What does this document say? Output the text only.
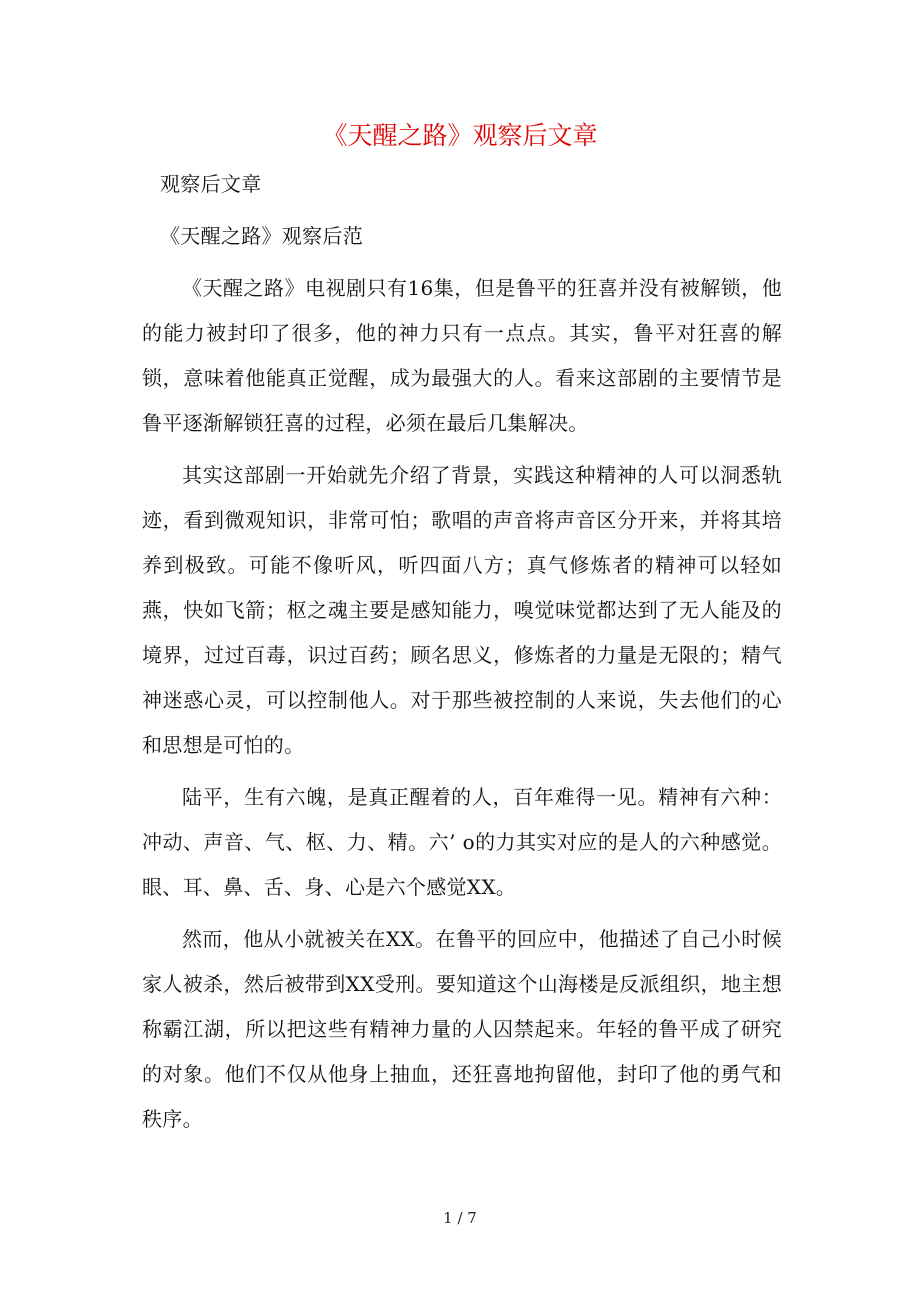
《天醒之路》观察后文章

观察后文章

《天醒之路》观察后范

《天醒之路》电视剧只有16集，但是鲁平的狂喜并没有被解锁，他的能力被封印了很多，他的神力只有一点点。其实，鲁平对狂喜的解锁，意味着他能真正觉醒，成为最强大的人。看来这部剧的主要情节是鲁平逐渐解锁狂喜的过程，必须在最后几集解决。

其实这部剧一开始就先介绍了背景，实践这种精神的人可以洞悉轨迹，看到微观知识，非常可怕；歌唱的声音将声音区分开来，并将其培养到极致。可能不像听风，听四面八方；真气修炼者的精神可以轻如燕，快如飞箭；枢之魂主要是感知能力，嗅觉味觉都达到了无人能及的境界，过过百毒，识过百药；顾名思义，修炼者的力量是无限的；精气神迷惑心灵，可以控制他人。对于那些被控制的人来说，失去他们的心和思想是可怕的。

陆平，生有六魄，是真正醒着的人，百年难得一见。精神有六种：冲动、声音、气、枢、力、精。六’ o的力其实对应的是人的六种感觉。眼、耳、鼻、舌、身、心是六个感觉XX。

然而，他从小就被关在XX。在鲁平的回应中，他描述了自己小时候家人被杀，然后被带到XX受刑。要知道这个山海楼是反派组织，地主想称霸江湖，所以把这些有精神力量的人囚禁起来。年轻的鲁平成了研究的对象。他们不仅从他身上抽血，还狂喜地拘留他，封印了他的勇气和秩序。

1 / 7
